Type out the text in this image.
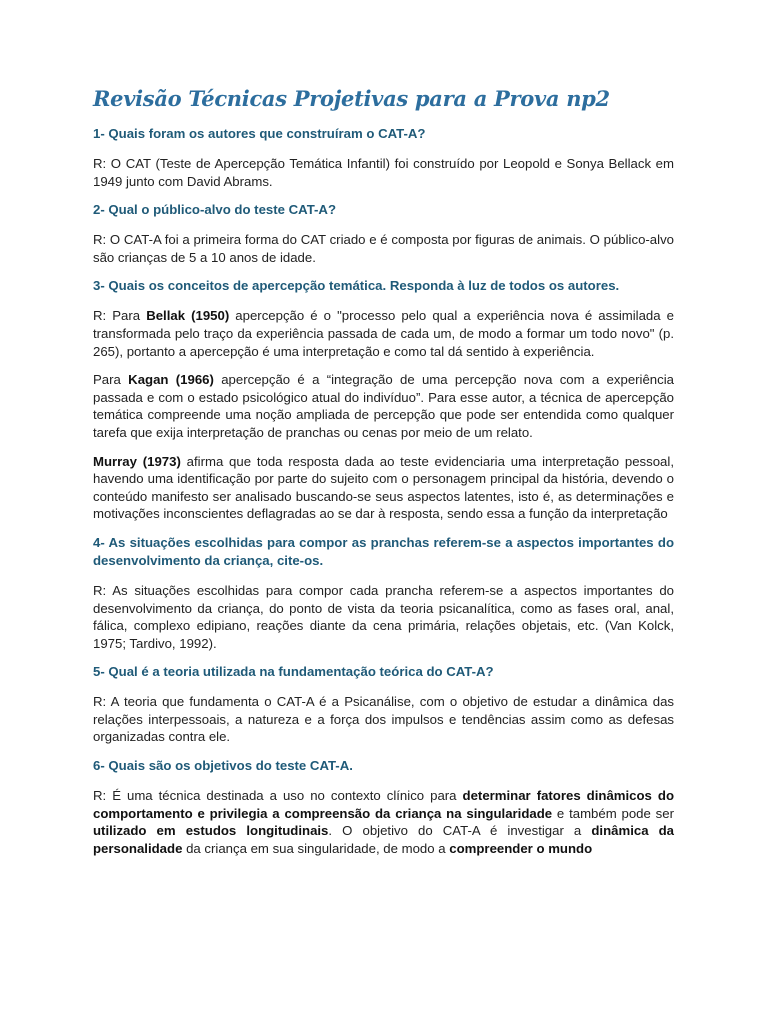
Revisão Técnicas Projetivas para a Prova np2

1- Quais foram os autores que construíram o CAT-A?

R: O CAT (Teste de Apercepção Temática Infantil) foi construído por Leopold e Sonya Bellack em 1949 junto com David Abrams.

2- Qual o público-alvo do teste CAT-A?

R: O CAT-A foi a primeira forma do CAT criado e é composta por figuras de animais. O público-alvo são crianças de 5 a 10 anos de idade.

3- Quais os conceitos de apercepção temática. Responda à luz de todos os autores.

R: Para Bellak (1950) apercepção é o "processo pelo qual a experiência nova é assimilada e transformada pelo traço da experiência passada de cada um, de modo a formar um todo novo" (p. 265), portanto a apercepção é uma interpretação e como tal dá sentido à experiência.

Para Kagan (1966) apercepção é a “integração de uma percepção nova com a experiência passada e com o estado psicológico atual do indivíduo”. Para esse autor, a técnica de apercepção temática compreende uma noção ampliada de percepção que pode ser entendida como qualquer tarefa que exija interpretação de pranchas ou cenas por meio de um relato.

Murray (1973) afirma que toda resposta dada ao teste evidenciaria uma interpretação pessoal, havendo uma identificação por parte do sujeito com o personagem principal da história, devendo o conteúdo manifesto ser analisado buscando-se seus aspectos latentes, isto é, as determinações e motivações inconscientes deflagradas ao se dar à resposta, sendo essa a função da interpretação

4- As situações escolhidas para compor as pranchas referem-se a aspectos importantes do desenvolvimento da criança, cite-os.

R: As situações escolhidas para compor cada prancha referem-se a aspectos importantes do desenvolvimento da criança, do ponto de vista da teoria psicanalítica, como as fases oral, anal, fálica, complexo edipiano, reações diante da cena primária, relações objetais, etc. (Van Kolck, 1975; Tardivo, 1992).

5- Qual é a teoria utilizada na fundamentação teórica do CAT-A?

R: A teoria que fundamenta o CAT-A é a Psicanálise, com o objetivo de estudar a dinâmica das relações interpessoais, a natureza e a força dos impulsos e tendências assim como as defesas organizadas contra ele.

6- Quais são os objetivos do teste CAT-A.

R: É uma técnica destinada a uso no contexto clínico para determinar fatores dinâmicos do comportamento e privilegia a compreensão da criança na singularidade e também pode ser utilizado em estudos longitudinais. O objetivo do CAT-A é investigar a dinâmica da personalidade da criança em sua singularidade, de modo a compreender o mundo
